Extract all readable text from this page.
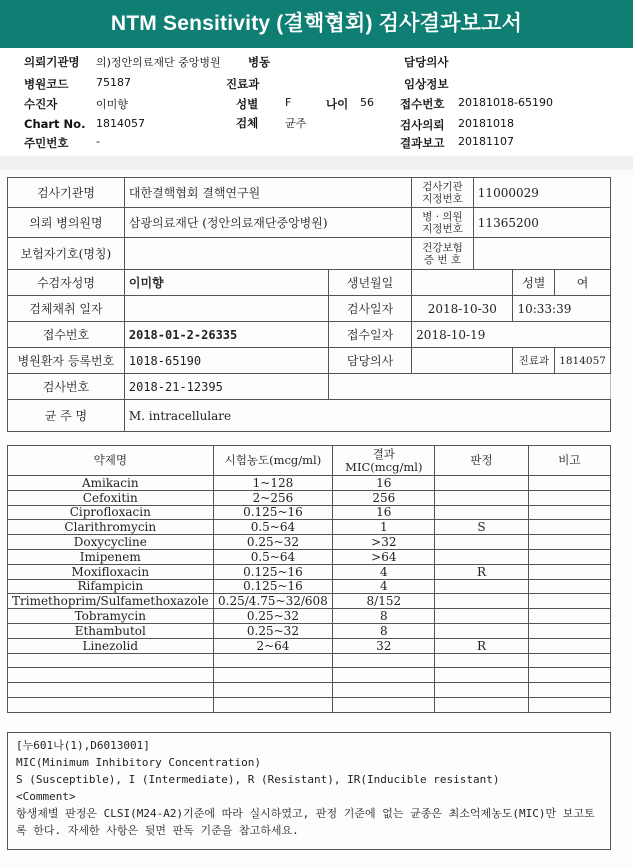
NTM Sensitivity (결핵협회) 검사결과보고서
의뢰기관명 의)정안의료재단 중앙병원 병동	담당의사
병원코드	75187	진료과	임상정보
수진자	이미향	성별 F	나이 56 접수번호 20181018-65190
Chart No. 1814057	검체 균주	검사의뢰 20181018
주민번호	-	결과보고 20181107
검사기관명	대한결핵협회 결핵연구원		검사기관 지정번호	11000029		
의뢰 병의원명	삼광의료재단 (정안의료재단중앙병원)		병 · 의원 지정번호	11365200		
보험자기호(명칭)			건강보험 증 번 호			
수검자성명	이미향	생년월일			성별	여
검체채취 일자		검사일자	2018-10-30		10:33:39	
접수번호	2018-01-2-26335	접수일자	2018-10-19			
병원환자 등록번호	1018-65190	담당의사			진료과	1814057
검사번호	2018-21-12395					
균 주 명	M. intracellulare					
약제명	시험농도(mcg/ml)	결과 MIC(mcg/ml)	판정	비고
Amikacin	1~128	16		
Cefoxitin	2~256	256		
Ciprofloxacin	0.125~16	16		
Clarithromycin	0.5~64	1	S	
Doxycycline	0.25~32	>32		
Imipenem	0.5~64	>64		
Moxifloxacin	0.125~16	4	R	
Rifampicin	0.125~16	4		
Trimethoprim/Sulfamethoxazole	0.25/4.75~32/608	8/152		
Tobramycin	0.25~32	8		
Ethambutol	0.25~32	8		
Linezolid	2~64	32	R	

[누601나(1),D6013001]
MIC(Minimum Inhibitory Concentration)
S (Susceptible), I (Intermediate), R (Resistant), IR(Inducible resistant)
<Comment>
항생제별 판정은 CLSI(M24-A2)기준에 따라 실시하였고, 판정 기준에 없는 균종은 최소억제농도(MIC)만 보고토록 한다. 자세한 사항은 뒷면 판독 기준을 참고하세요.
